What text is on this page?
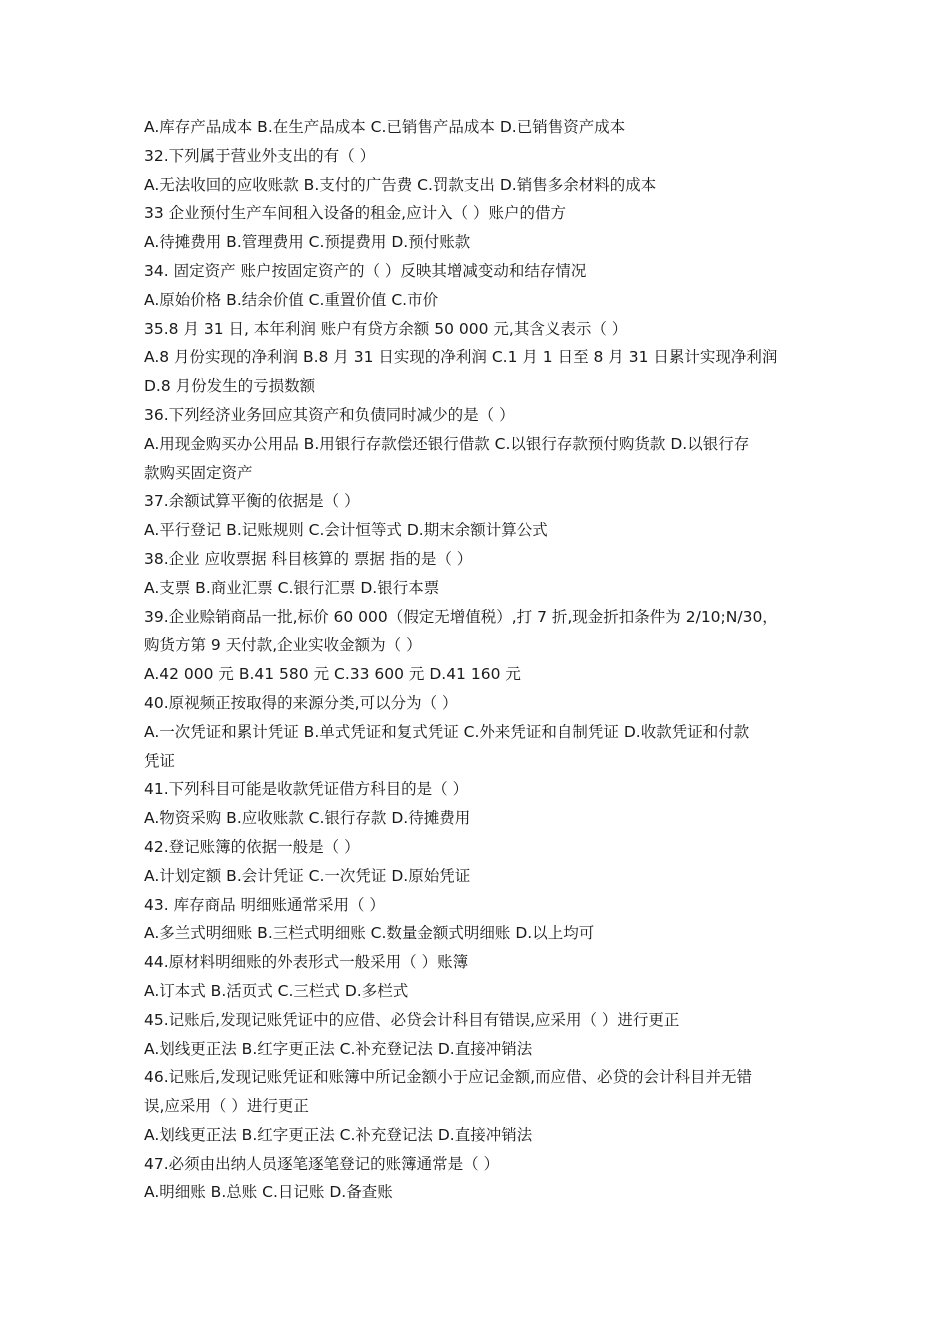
A.库存产品成本 B.在生产品成本 C.已销售产品成本 D.已销售资产成本
32.下列属于营业外支出的有（ ）
A.无法收回的应收账款 B.支付的广告费 C.罚款支出 D.销售多余材料的成本
33 企业预付生产车间租入设备的租金,应计入（ ）账户的借方
A.待摊费用 B.管理费用 C.预提费用 D.预付账款
34. 固定资产 账户按固定资产的（ ）反映其增减变动和结存情况
A.原始价格 B.结余价值 C.重置价值 C.市价
35.8 月 31 日, 本年利润 账户有贷方余额 50 000 元,其含义表示（ ）
A.8 月份实现的净利润 B.8 月 31 日实现的净利润 C.1 月 1 日至 8 月 31 日累计实现净利润
D.8 月份发生的亏损数额
36.下列经济业务回应其资产和负债同时减少的是（ ）
A.用现金购买办公用品 B.用银行存款偿还银行借款 C.以银行存款预付购货款 D.以银行存
款购买固定资产
37.余额试算平衡的依据是（ ）
A.平行登记 B.记账规则 C.会计恒等式 D.期末余额计算公式
38.企业 应收票据 科目核算的 票据 指的是（ ）
A.支票 B.商业汇票 C.银行汇票 D.银行本票
39.企业赊销商品一批,标价 60 000（假定无增值税）,打 7 折,现金折扣条件为 2/10;N/30，
购货方第 9 天付款,企业实收金额为（ ）
A.42 000 元 B.41 580 元 C.33 600 元 D.41 160 元
40.原视频正按取得的来源分类,可以分为（ ）
A.一次凭证和累计凭证 B.单式凭证和复式凭证 C.外来凭证和自制凭证 D.收款凭证和付款
凭证
41.下列科目可能是收款凭证借方科目的是（ ）
A.物资采购 B.应收账款 C.银行存款 D.待摊费用
42.登记账簿的依据一般是（ ）
A.计划定额 B.会计凭证 C.一次凭证 D.原始凭证
43. 库存商品 明细账通常采用（ ）
A.多兰式明细账 B.三栏式明细账 C.数量金额式明细账 D.以上均可
44.原材料明细账的外表形式一般采用（ ）账簿
A.订本式 B.活页式 C.三栏式 D.多栏式
45.记账后,发现记账凭证中的应借、必贷会计科目有错误,应采用（ ）进行更正
A.划线更正法 B.红字更正法 C.补充登记法 D.直接冲销法
46.记账后,发现记账凭证和账簿中所记金额小于应记金额,而应借、必贷的会计科目并无错
误,应采用（ ）进行更正
A.划线更正法 B.红字更正法 C.补充登记法 D.直接冲销法
47.必须由出纳人员逐笔逐笔登记的账簿通常是（ ）
A.明细账 B.总账 C.日记账 D.备查账
